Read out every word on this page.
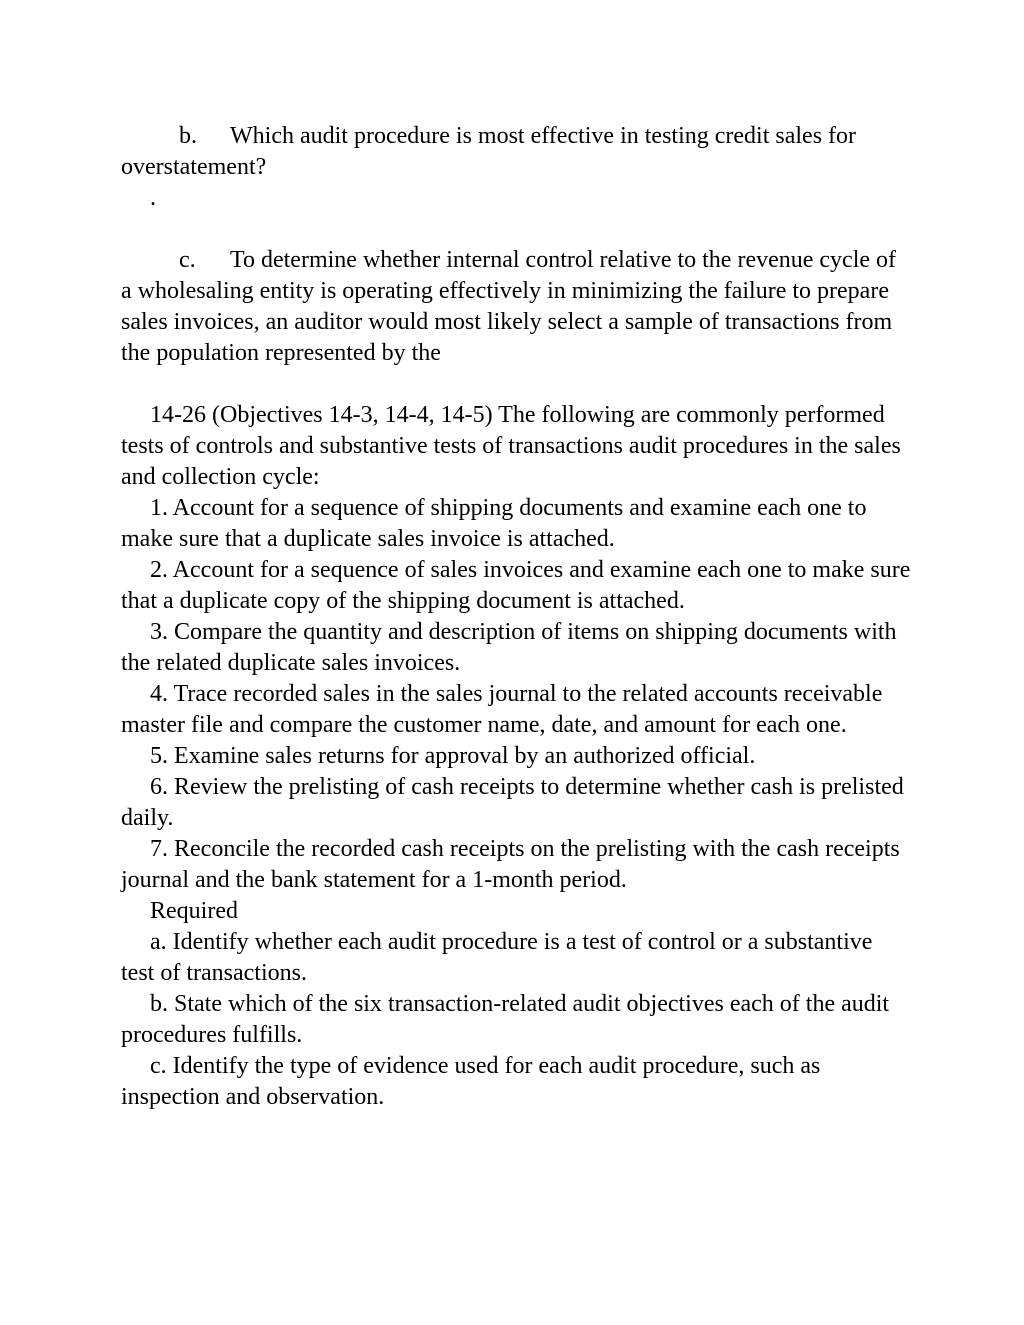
b. Which audit procedure is most effective in testing credit sales for overstatement?

.

c. To determine whether internal control relative to the revenue cycle of a wholesaling entity is operating effectively in minimizing the failure to prepare sales invoices, an auditor would most likely select a sample of transactions from the population represented by the

14-26 (Objectives 14-3, 14-4, 14-5) The following are commonly performed tests of controls and substantive tests of transactions audit procedures in the sales and collection cycle:

1. Account for a sequence of shipping documents and examine each one to make sure that a duplicate sales invoice is attached.

2. Account for a sequence of sales invoices and examine each one to make sure that a duplicate copy of the shipping document is attached.

3. Compare the quantity and description of items on shipping documents with the related duplicate sales invoices.

4. Trace recorded sales in the sales journal to the related accounts receivable master file and compare the customer name, date, and amount for each one.

5. Examine sales returns for approval by an authorized official.

6. Review the prelisting of cash receipts to determine whether cash is prelisted daily.

7. Reconcile the recorded cash receipts on the prelisting with the cash receipts journal and the bank statement for a 1-month period.

Required

a. Identify whether each audit procedure is a test of control or a substantive test of transactions.

b. State which of the six transaction-related audit objectives each of the audit procedures fulfills.

c. Identify the type of evidence used for each audit procedure, such as inspection and observation.
